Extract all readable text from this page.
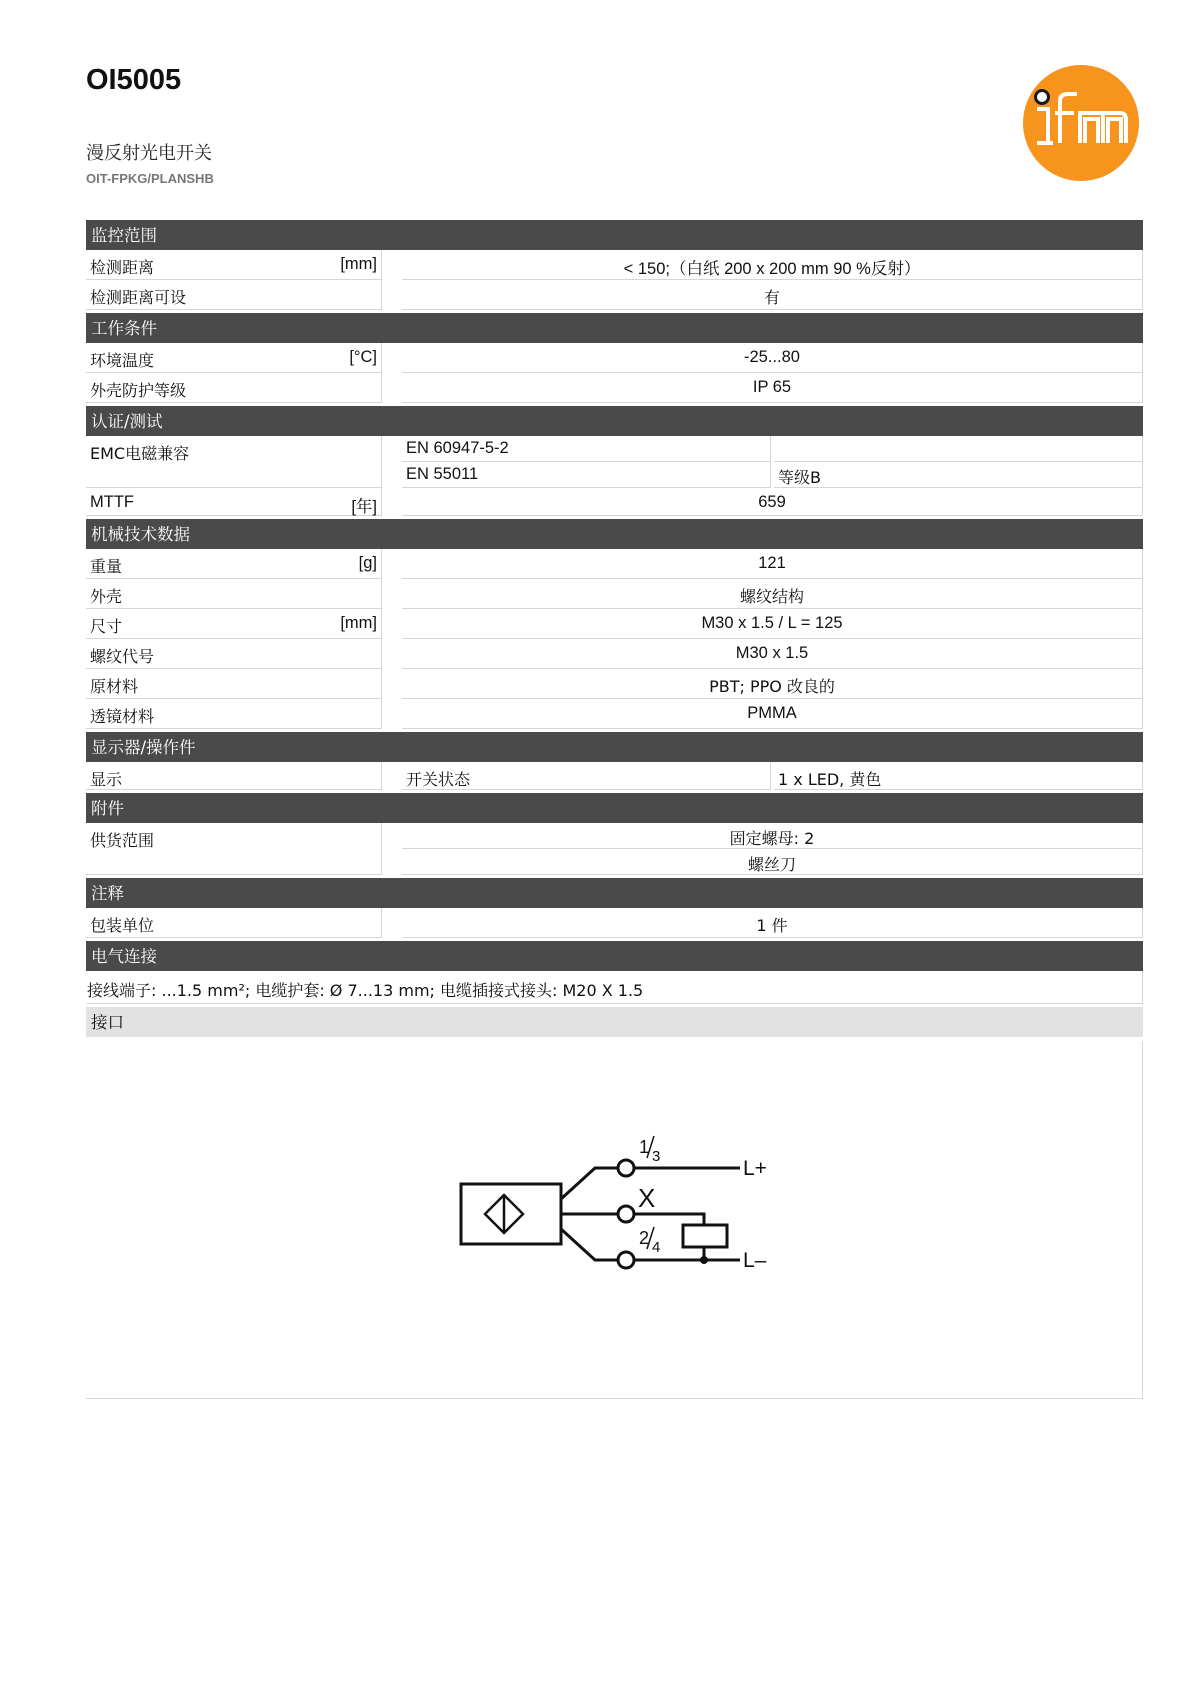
OI5005
漫反射光电开关
OIT-FPKG/PLANSHB
ifm
监控范围
检测距离	[mm]	< 150;（白纸 200 x 200 mm 90 %反射）
检测距离可设	有
工作条件
环境温度	[°C]	-25...80
外壳防护等级	IP 65
认证/测试
EMC电磁兼容	EN 60947-5-2
EN 55011	等级B
MTTF	[年]	659
机械技术数据
重量	[g]	121
外壳	螺纹结构
尺寸	[mm]	M30 x 1.5 / L = 125
螺纹代号	M30 x 1.5
原材料	PBT; PPO 改良的
透镜材料	PMMA
显示器/操作件
显示	开关状态	1 x LED, 黄色
附件
供货范围	固定螺母: 2
螺丝刀
注释
包装单位	1 件
电气连接
接线端子: ...1.5 mm²; 电缆护套: Ø 7...13 mm; 电缆插接式接头: M20 X 1.5
接口
1 3
X
2 4
L+
L–
